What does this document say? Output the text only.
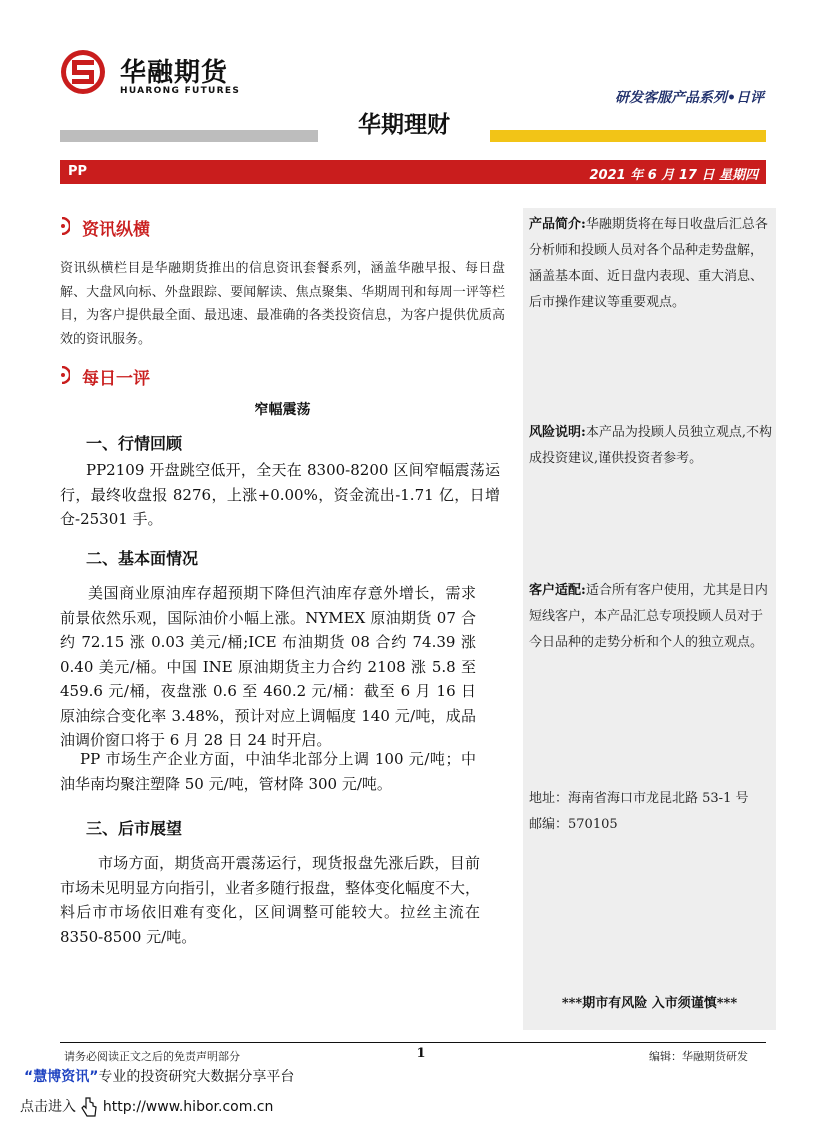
华融期货
HUARONG FUTURES	研发客服产品系列•日评
华期理财
PP	2021 年 6 月 17 日 星期四
产品简介:华融期货将在每日收盘后汇总各分析师和投顾人员对各个品种走势盘解，涵盖基本面、近日盘内表现、重大消息、后市操作建议等重要观点。
风险说明:本产品为投顾人员独立观点,不构成投资建议,谨供投资者参考。
客户适配:适合所有客户使用，尤其是日内短线客户，本产品汇总专项投顾人员对于今日品种的走势分析和个人的独立观点。
地址：海南省海口市龙昆北路 53-1 号
邮编：570105
***期市有风险 入市须谨慎***
资讯纵横
资讯纵横栏目是华融期货推出的信息资讯套餐系列，涵盖华融早报、每日盘解、大盘风向标、外盘跟踪、要闻解读、焦点聚集、华期周刊和每周一评等栏目，为客户提供最全面、最迅速、最准确的各类投资信息，为客户提供优质高效的资讯服务。
每日一评
窄幅震荡
一、行情回顾
PP2109 开盘跳空低开，全天在 8300-8200 区间窄幅震荡运行，最终收盘报 8276，上涨+0.00%，资金流出-1.71 亿，日增仓-25301 手。
二、基本面情况
美国商业原油库存超预期下降但汽油库存意外增长，需求前景依然乐观，国际油价小幅上涨。NYMEX 原油期货 07 合约 72.15 涨 0.03 美元/桶;ICE 布油期货 08 合约 74.39 涨 0.40 美元/桶。中国 INE 原油期货主力合约 2108 涨 5.8 至 459.6 元/桶，夜盘涨 0.6 至 460.2 元/桶：截至 6 月 16 日原油综合变化率 3.48%，预计对应上调幅度 140 元/吨，成品油调价窗口将于 6 月 28 日 24 时开启。
PP 市场生产企业方面，中油华北部分上调 100 元/吨；中油华南均聚注塑降 50 元/吨，管材降 300 元/吨。
三、后市展望
市场方面，期货高开震荡运行，现货报盘先涨后跌，目前市场未见明显方向指引，业者多随行报盘，整体变化幅度不大，料后市市场依旧难有变化，区间调整可能较大。拉丝主流在 8350-8500 元/吨。
请务必阅读正文之后的免责声明部分	1	编辑：华融期货研发
“慧博资讯”专业的投资研究大数据分享平台
点击进入 http://www.hibor.com.cn
